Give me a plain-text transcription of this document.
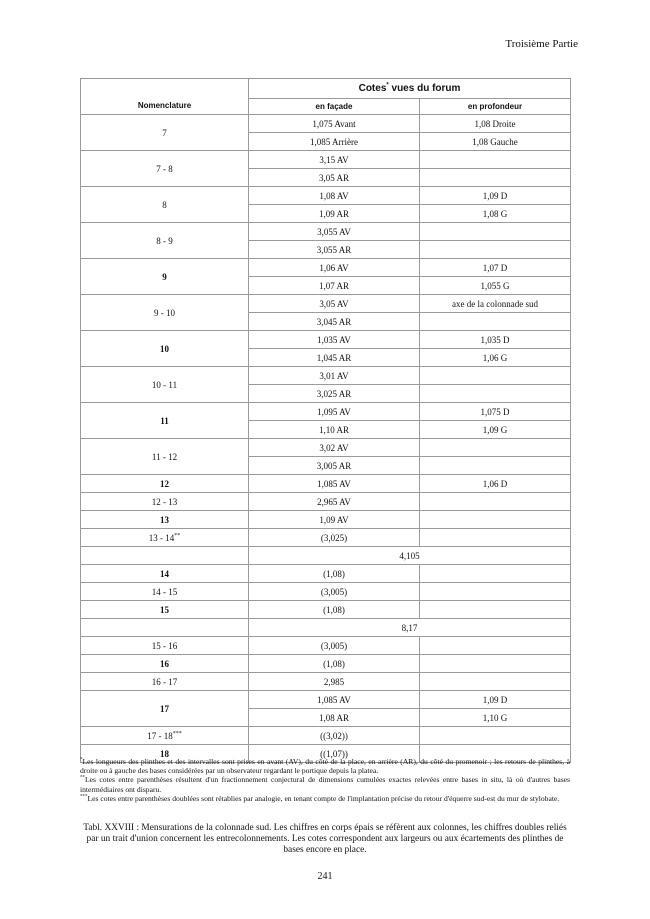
Troisième Partie
	Cotes* vues du forum	
Nomenclature	en façade	en profondeur
7	1,075 Avant	1,08 Droite
	1,085 Arrière	1,08 Gauche
7 - 8	3,15 AV	
	3,05 AR	
8	1,08 AV	1,09 D
	1,09 AR	1,08 G
8 - 9	3,055 AV	
	3,055 AR	
9	1,06 AV	1,07 D
	1,07 AR	1,055 G
9 - 10	3,05 AV	axe de la colonnade sud
	3,045 AR	
10	1,035 AV	1,035 D
	1,045 AR	1,06 G
10 - 11	3,01 AV	
	3,025 AR	
11	1,095 AV	1,075 D
	1,10 AR	1,09 G
11 - 12	3,02 AV	
	3,005 AR	
12	1,085 AV	1,06 D
12 - 13	2,965 AV	
13	1,09 AV	
13 - 14**	(3,025)	
	4,105	
14	(1,08)	
14 - 15	(3,005)	
15	(1,08)	
	8,17	
15 - 16	(3,005)	
16	(1,08)	
16 - 17	2,985	
17	1,085 AV	1,09 D
	1,08 AR	1,10 G
17 - 18***	((3,02))	
18	((1,07))	

*Les longueurs des plinthes et des intervalles sont prises en avant (AV), du côté de la place, en arrière (AR), du côté du promenoir ; les retours de plinthes, à droite ou à gauche des bases considérées par un observateur regardant le portique depuis la platea.

**Les cotes entre parenthèses résultent d'un fractionnement conjectural de dimensions cumulées exactes relevées entre bases in situ, là où d'autres bases intermédiaires ont disparu.

***Les cotes entre parenthèses doublées sont rétablies par analogie, en tenant compte de l'implantation précise du retour d'équerre sud-est du mur de stylobate.

Tabl. XXVIII : Mensurations de la colonnade sud. Les chiffres en corps épais se réfèrent aux colonnes, les chiffres doubles reliés par un trait d'union concernent les entrecolonnements. Les cotes correspondent aux largeurs ou aux écartements des plinthes de bases encore en place.
241
